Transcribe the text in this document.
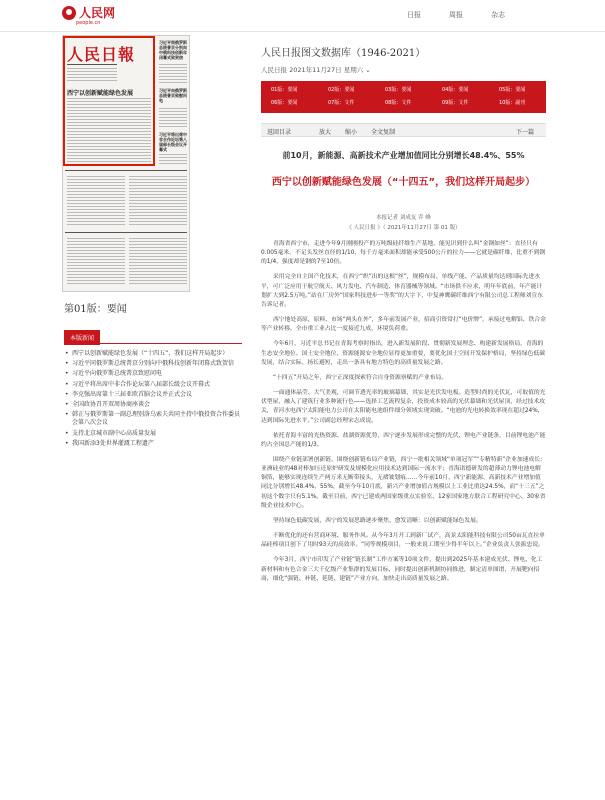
人民网
people.cn
日报	周报	杂志
人民日報
西宁以创新赋能绿色发展
习近平同俄罗斯总统普京分别向中俄科技创新年闭幕式致贺信
习近平向俄罗斯总统普京致慰问电
习近平将出席中非合作论坛第八届部长级会议开幕式
第01版：要闻
本版新闻
• 西宁以创新赋能绿色发展（“十四五”，我们这样开局起步）
• 习近平同俄罗斯总统普京分别向中俄科技创新年闭幕式致贺信
• 习近平向俄罗斯总统普京致慰问电
• 习近平将出席中非合作论坛第八届部长级会议开幕式
• 李克强出席第十三届亚欧首脑会议并正式会议
• 全国政协召开双周协商座谈会
• 韩正与俄罗斯第一副总理别洛乌索夫共同主持中俄投资合作委员会第八次会议
• 支持北京城市副中心高质量发展
• 我国新添3处世界灌溉工程遗产
人民日报图文数据库（1946-2021）
人民日报 2021年11月27日 星期六 ⌄
01版：要闻	02版：要闻	03版：要闻	04版：要闻	05版：要闻
06版：要闻	07版：文件	08版：文件	09版：文件	10版：副刊
返回目录	放大 缩小 全文复制	下一篇
前10月，新能源、高新技术产业增加值同比分别增长48.4%、55%
西宁以创新赋能绿色发展（“十四五”，我们这样开局起步）
本报记者 刘成友 乔 峰
《 人民日报 》（ 2021年11月27日 第 01 版）

青海省西宁市，走进今年9月刚刚投产的万吨级硅纤维生产基地，能见识到什么叫“金钢如丝”：直径只有0.005毫米，不足头发丝直径的1/10，每千方毫米面积却能承受500公斤的拉力——它就是碳纤维，比重不到钢的1/4，强度却是钢的7至10倍。

采用完全自主国产化技术，在西宁“织”出的这根“丝”，规模布局、单线产能、产品质量均达到国际先进水平，可广泛应用于航空航天、风力发电、汽车制造、体育器械等领域。“市场供不应求，明年年底前，年产能计划扩大到2.5万吨。”站在厂房外“国家科技进步一等奖”的大字下，中复神鹰碳纤维西宁有限公司总工程师刘宣东告诉记者。

西宁地处高原，原料、市场“两头在外”，多年前发展产业，招商引资常打“电价牌”，承接过电解铝、铁合金等产业转移，全市重工业占比一度接近九成，环境负荷重。

今年6月，习近平总书记在青海考察时指出，进入新发展阶段、贯彻新发展理念、构建新发展格局，青海的生态安全地位、国土安全地位、资源能源安全地位显得更加重要，要优化国土空间开发保护格局，坚持绿色低碳发展，结合实际、扬长避短，走出一条具有地方特色的高质量发展之路。

“十四五”开局之年，西宁正深度探索符合自身资源禀赋的产业布局。

一面通体晶莹、大气美观，可调节透光率的玻璃幕墙，其实是光伏发电板。造型时尚的光伏瓦，可取值的光伏型屋，融入了建筑行业多种流行色——选择工艺流程复杂，投资成本较高的光伏幕墙和光伏屋顶，经过技术攻关，青河水电西宁太阳能电力公司在太阳能电池组件细分领域实现突破。“电池的光电转换效率现在超过24%，达到国际先进水平。”公司副总经理宋志成说。

依托青海丰富的光热资源、盐湖资源优势，西宁逐步发展形成完整的光伏、锂电产业链条，目前锂电池产能约占全国总产能的1/3。

围绕产业链部署创新链、围绕创新链布局产业链，西宁一批相关领域“单项冠军”“专精特新”企业加速成长：亚洲硅业的48对棒加压还原炉研发及规模化应用技术达到国际一流水平；青海诺德研发的超薄动力锂电池电解铜箔，能够实现连续生产两万米无断带接头，无褶皱划痕……今年前10月，西宁新能源、高新技术产业增加值同比分别增长48.4%、55%，截至今年10月底，新兴产业增加值占规模以上工业比重达24.5%，而“十三五”之初这个数字只有5.1%。截至目前，西宁已建成两国家级重点实验室、12家国家地方联合工程研究中心、30家省级企业技术中心。

坚持绿色低碳发展，西宁的发展思路逐步聚焦、愈发清晰：以创新赋能绿色发展。

不断优化的还有营商环境、服务作风。从今年3月开工到新厂试产，高景太阳能科技有限公司50亩瓦直拉单晶硅棒项目创下了用时93天的高效率。“同等规模项目，一般来说工期至少得半年以上。”企业负责人张振忠说。

今年3月，西宁市印发了产业链“链长制”工作方案等10项文件，提出到2025年基本建成光伏、锂电、化工新材料和有色合金三大千亿级产业集群的发展目标，同时提出创新机制协同推进，制定清单图谱，开展靶向招商，细化“强链、补链、延链、建链”产业方向，加快走出高质量发展之路。
